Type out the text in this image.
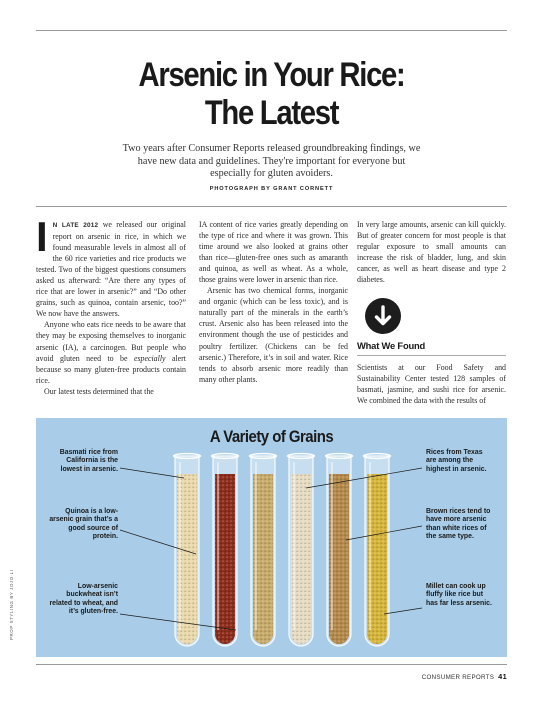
Arsenic in Your Rice:
The Latest

Two years after Consumer Reports released groundbreaking findings, we have new data and guidelines. They're important for everyone but especially for gluten avoiders.

PHOTOGRAPH BY GRANT CORNETT

I N LATE 2012 we released our original report on arsenic in rice, in which we found measurable levels in almost all of the 60 rice varieties and rice products we tested. Two of the biggest questions consumers asked us afterward: “Are there any types of rice that are lower in arsenic?” and “Do other grains, such as quinoa, contain arsenic, too?” We now have the answers.

Anyone who eats rice needs to be aware that they may be exposing themselves to inorganic arsenic (IA), a carcinogen. But people who avoid gluten need to be especially alert because so many gluten-free products contain rice.

Our latest tests determined that the

IA content of rice varies greatly depending on the type of rice and where it was grown. This time around we also looked at grains other than rice—gluten-free ones such as amaranth and quinoa, as well as wheat. As a whole, those grains were lower in arsenic than rice.

Arsenic has two chemical forms, inorganic and organic (which can be less toxic), and is naturally part of the minerals in the earth’s crust. Arsenic also has been released into the environment though the use of pesticides and poultry fertilizer. (Chickens can be fed arsenic.) Therefore, it’s in soil and water. Rice tends to absorb arsenic more readily than many other plants.

In very large amounts, arsenic can kill quickly. But of greater concern for most people is that regular exposure to small amounts can increase the risk of bladder, lung, and skin cancer, as well as heart disease and type 2 diabetes.

What We Found

Scientists at our Food Safety and Sustainability Center tested 128 samples of basmati, jasmine, and sushi rice for arsenic. We combined the data with the results of

A Variety of Grains
Basmati rice from California is the lowest in arsenic.
Quinoa is a low-arsenic grain that’s a good source of protein.
Low-arsenic buckwheat isn’t related to wheat, and it’s gluten-free.
Rices from Texas are among the highest in arsenic.
Brown rices tend to have more arsenic than white rices of the same type.
Millet can cook up fluffy like rice but has far less arsenic.
PROP STYLING BY JOJO LI
CONSUMER REPORTS 41
